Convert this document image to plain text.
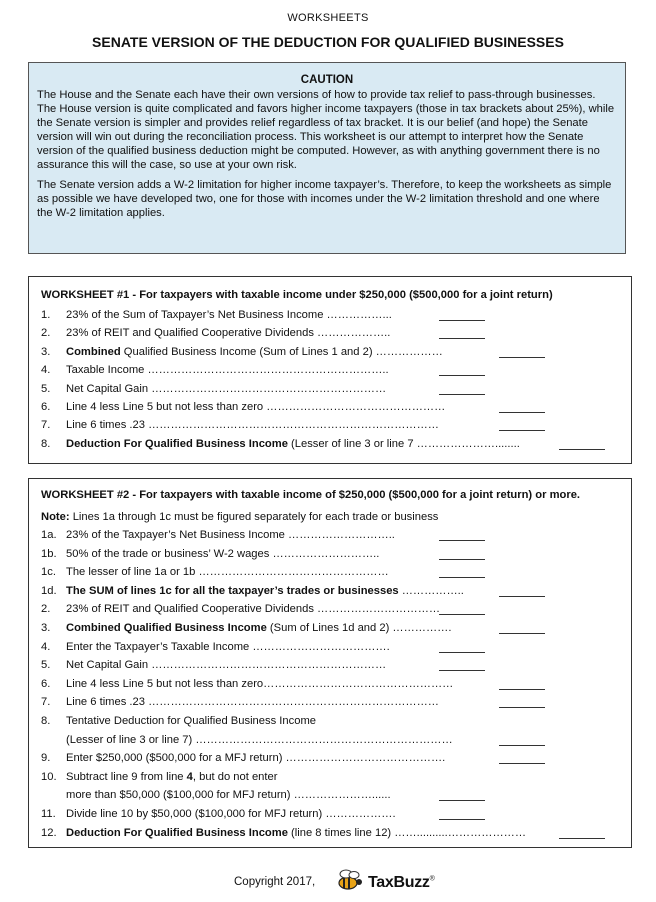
WORKSHEETS
SENATE VERSION OF THE DEDUCTION FOR QUALIFIED BUSINESSES
CAUTION

The House and the Senate each have their own versions of how to provide tax relief to pass-through businesses. The House version is quite complicated and favors higher income taxpayers (those in tax brackets about 25%), while the Senate version is simpler and provides relief regardless of tax bracket. It is our belief (and hope) the Senate version will win out during the reconciliation process. This worksheet is our attempt to interpret how the Senate version of the qualified business deduction might be computed. However, as with anything government there is no assurance this will the case, so use at your own risk.

The Senate version adds a W-2 limitation for higher income taxpayer’s. Therefore, to keep the worksheets as simple as possible we have developed two, one for those with incomes under the W-2 limitation threshold and one where the W-2 limitation applies.

WORKSHEET #1 - For taxpayers with taxable income under $250,000 ($500,000 for a joint return)
1. 23% of the Sum of Taxpayer’s Net Business Income ……………...
2. 23% of REIT and Qualified Cooperative Dividends ………………..
3. Combined Qualified Business Income (Sum of Lines 1 and 2) ………………
4. Taxable Income ………………………………………………………..
5. Net Capital Gain ………………………………………………………
6. Line 4 less Line 5 but not less than zero …………………………………………
7. Line 6 times .23 ……………………………………………………………………
8. Deduction For Qualified Business Income (Lesser of line 3 or line 7 …………………........
WORKSHEET #2 - For taxpayers with taxable income of $250,000 ($500,000 for a joint return) or more.
Note: Lines 1a through 1c must be figured separately for each trade or business
1a. 23% of the Taxpayer’s Net Business Income ………………………..
1b. 50% of the trade or business’ W-2 wages ………………………..
1c. The lesser of line 1a or 1b ……………………………………………
1d. The SUM of lines 1c for all the taxpayer’s trades or businesses ……………..
2. 23% of REIT and Qualified Cooperative Dividends ……………………………
3. Combined Qualified Business Income (Sum of Lines 1d and 2) …………….
4. Enter the Taxpayer’s Taxable Income ……………………………….
5. Net Capital Gain ………………………………………………………
6. Line 4 less Line 5 but not less than zero……………………………………………
7. Line 6 times .23 ……………………………………………………………………
8. Tentative Deduction for Qualified Business Income
(Lesser of line 3 or line 7) ……………………………………………………………
9. Enter $250,000 ($500,000 for a MFJ return) …………………………………….
10. Subtract line 9 from line 4, but do not enter
more than $50,000 ($100,000 for MFJ return) …………………......
11. Divide line 10 by $50,000 ($100,000 for MFJ return) ……………….
12. Deduction For Qualified Business Income (line 8 times line 12) ……..........…………………
Copyright 2017,	TaxBuzz®
